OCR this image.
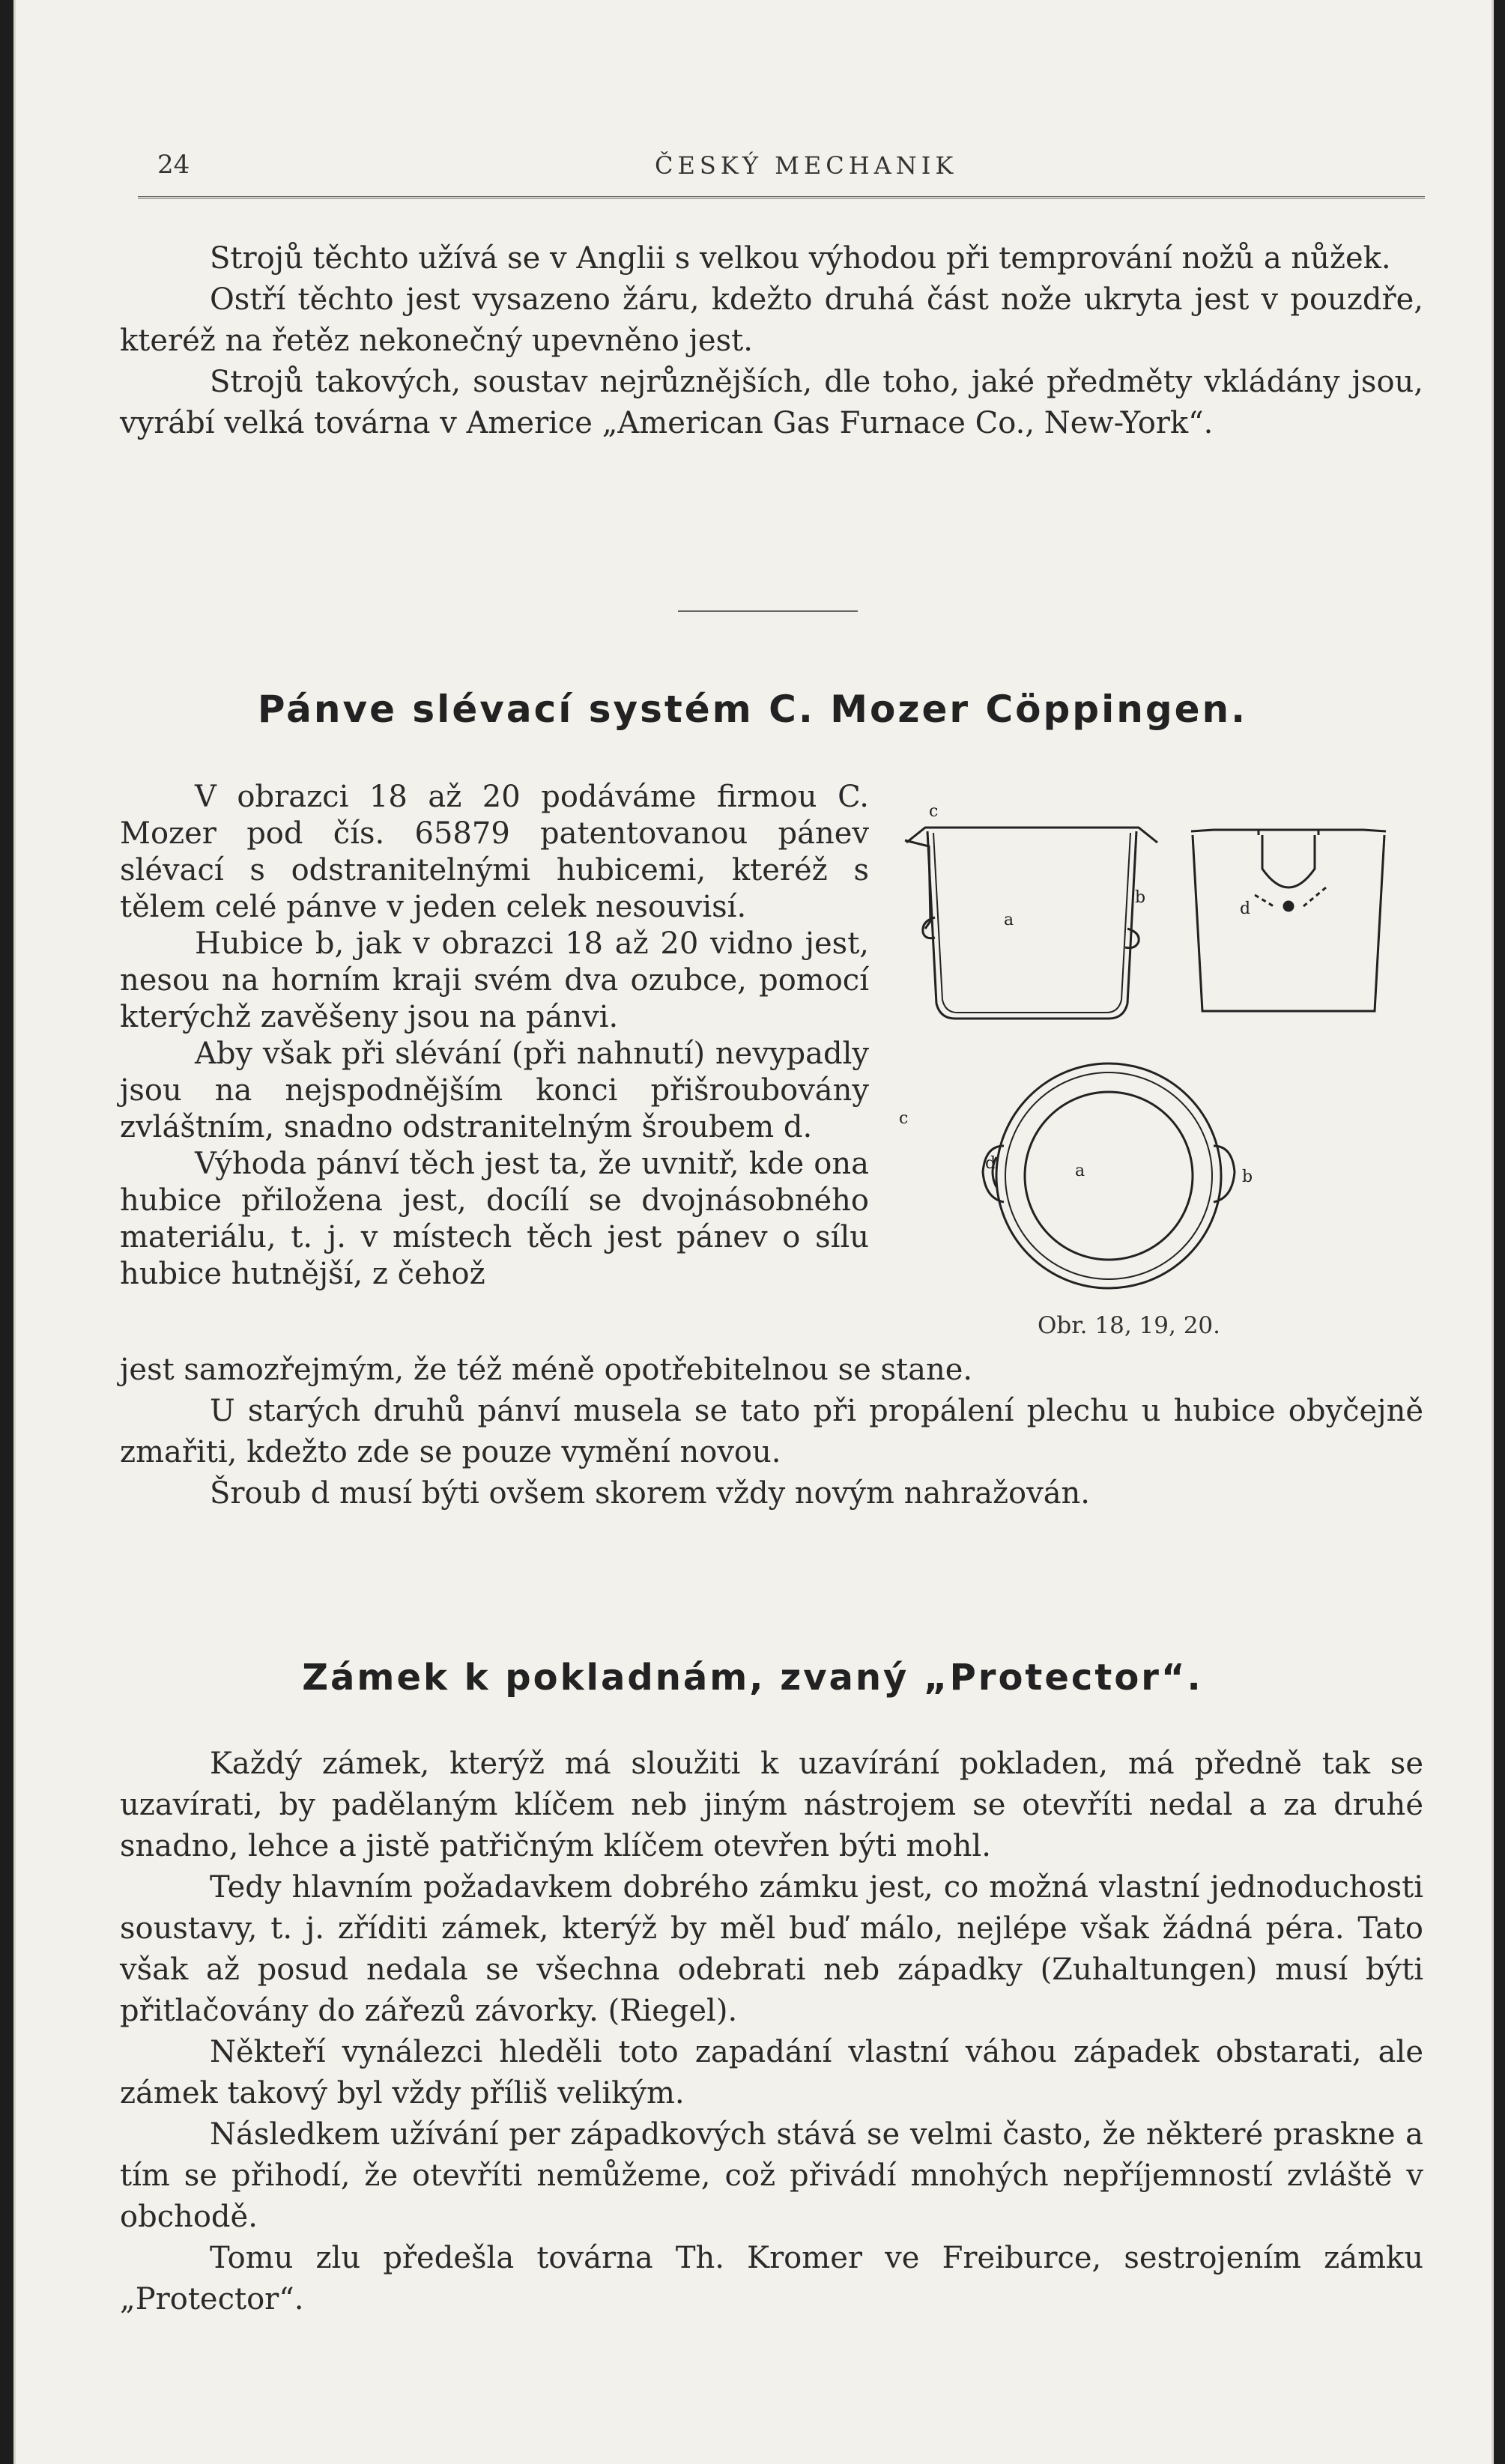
24	ČESKÝ MECHANIK

Strojů těchto užívá se v Anglii s velkou výhodou při temprování nožů a nůžek.

Ostří těchto jest vysazeno žáru, kdežto druhá část nože ukryta jest v pouzdře, kteréž na řetěz nekonečný upevněno jest.

Strojů takových, soustav nejrůznějších, dle toho, jaké předměty vkládány jsou, vyrábí velká továrna v Americe „American Gas Furnace Co., New-York“.

Pánve slévací systém C. Mozer Cöppingen.

V obrazci 18 až 20 podáváme firmou C. Mozer pod čís. 65879 patentovanou pánev slévací s odstranitelnými hubicemi, kteréž s tělem celé pánve v jeden celek nesouvisí.

Hubice b, jak v obrazci 18 až 20 vidno jest, nesou na horním kraji svém dva ozubce, pomocí kterýchž zavěšeny jsou na pánvi.

Aby však při slévání (při nahnutí) nevypadly jsou na nejspodnějším konci přišroubovány zvláštním, snadno odstranitelným šroubem d.

Výhoda pánví těch jest ta, že uvnitř, kde ona hubice přiložena jest, docílí se dvojnásobného materiálu, t. j. v místech těch jest pánev o sílu hubice hutnější, z čehož

c
a
b
d
a	b
c
d
Obr. 18, 19, 20.

jest samozřejmým, že též méně opotřebitelnou se stane.

U starých druhů pánví musela se tato při propálení plechu u hubice obyčejně zmařiti, kdežto zde se pouze vymění novou.

Šroub d musí býti ovšem skorem vždy novým nahražován.

Zámek k pokladnám, zvaný „Protector“.

Každý zámek, kterýž má sloužiti k uzavírání pokladen, má předně tak se uzavírati, by padělaným klíčem neb jiným nástrojem se otevříti nedal a za druhé snadno, lehce a jistě patřičným klíčem otevřen býti mohl.

Tedy hlavním požadavkem dobrého zámku jest, co možná vlastní jednoduchosti soustavy, t. j. zříditi zámek, kterýž by měl buď málo, nejlépe však žádná péra. Tato však až posud nedala se všechna odebrati neb západky (Zuhaltungen) musí býti přitlačovány do zářezů závorky. (Riegel).

Někteří vynálezci hleděli toto zapadání vlastní váhou západek obstarati, ale zámek takový byl vždy příliš velikým.

Následkem užívání per západkových stává se velmi často, že některé praskne a tím se přihodí, že otevříti nemůžeme, což přivádí mnohých nepříjemností zvláště v obchodě.

Tomu zlu předešla továrna Th. Kromer ve Freiburce, sestrojením zámku „Protector“.
